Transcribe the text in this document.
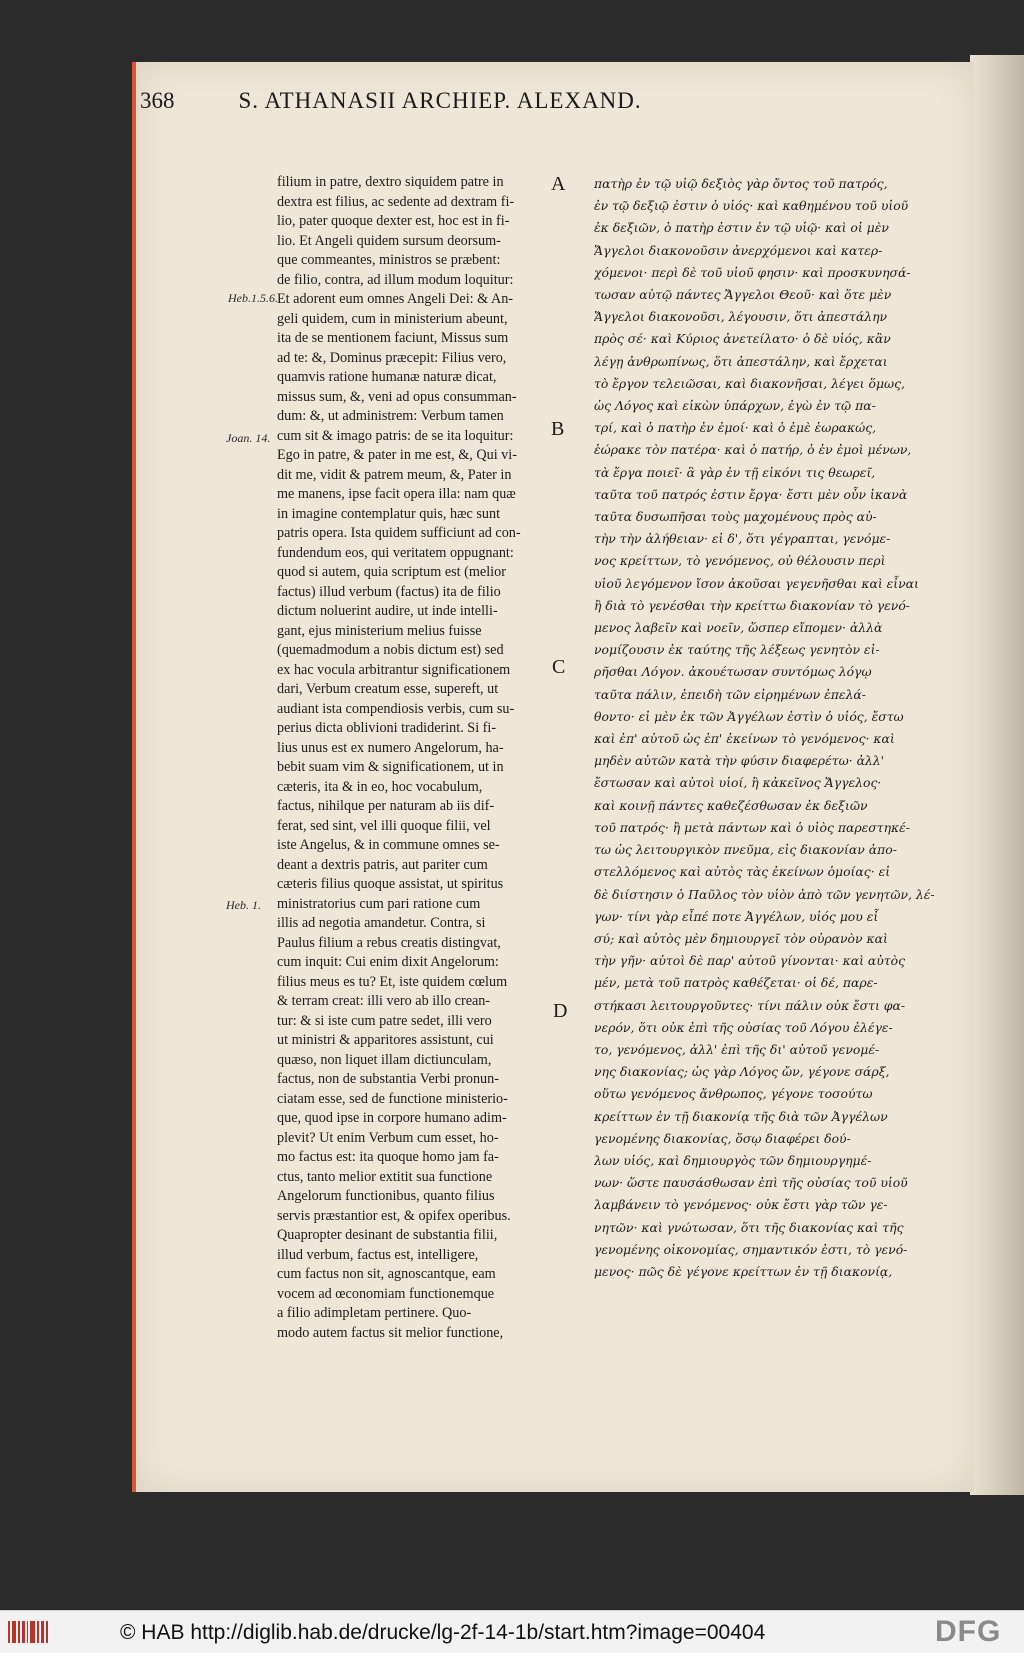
368	S. ATHANASII ARCHIEP. ALEXAND.
Heb.1.5.6.
Joan. 14.
Heb. 1.
A
B
C
D
filium in patre, dextro siquidem patre in
dextra est filius, ac sedente ad dextram fi-
lio, pater quoque dexter est, hoc est in fi-
lio. Et Angeli quidem sursum deorsum-
que commeantes, ministros se præbent:
de filio, contra, ad illum modum loquitur:
Et adorent eum omnes Angeli Dei: & An-
geli quidem, cum in ministerium abeunt,
ita de se mentionem faciunt, Missus sum
ad te: &, Dominus præcepit: Filius vero,
quamvis ratione humanæ naturæ dicat,
missus sum, &, veni ad opus consumman-
dum: &, ut administrem: Verbum tamen
cum sit & imago patris: de se ita loquitur:
Ego in patre, & pater in me est, &, Qui vi-
dit me, vidit & patrem meum, &, Pater in
me manens, ipse facit opera illa: nam quæ
in imagine contemplatur quis, hæc sunt
patris opera. Ista quidem sufficiunt ad con-
fundendum eos, qui veritatem oppugnant:
quod si autem, quia scriptum est (melior
factus) illud verbum (factus) ita de filio
dictum noluerint audire, ut inde intelli-
gant, ejus ministerium melius fuisse
(quemadmodum a nobis dictum est) sed
ex hac vocula arbitrantur significationem
dari, Verbum creatum esse, supereft, ut
audiant ista compendiosis verbis, cum su-
perius dicta oblivioni tradiderint. Si fi-
lius unus est ex numero Angelorum, ha-
bebit suam vim & significationem, ut in
cæteris, ita & in eo, hoc vocabulum,
factus, nihilque per naturam ab iis dif-
ferat, sed sint, vel illi quoque filii, vel
iste Angelus, & in commune omnes se-
deant a dextris patris, aut pariter cum
cæteris filius quoque assistat, ut spiritus
ministratorius cum pari ratione cum
illis ad negotia amandetur. Contra, si
Paulus filium a rebus creatis distingvat,
cum inquit: Cui enim dixit Angelorum:
filius meus es tu? Et, iste quidem cœlum
& terram creat: illi vero ab illo crean-
tur: & si iste cum patre sedet, illi vero
ut ministri & apparitores assistunt, cui
quæso, non liquet illam dictiunculam,
factus, non de substantia Verbi pronun-
ciatam esse, sed de functione ministerio-
que, quod ipse in corpore humano adim-
plevit? Ut enim Verbum cum esset, ho-
mo factus est: ita quoque homo jam fa-
ctus, tanto melior extitit sua functione
Angelorum functionibus, quanto filius
servis præstantior est, & opifex operibus.
Quapropter desinant de substantia filii,
illud verbum, factus est, intelligere,
cum factus non sit, agnoscantque, eam
vocem ad œconomiam functionemque
a filio adimpletam pertinere. Quo-
modo autem factus sit melior functione,
πατὴρ ἐν τῷ υἱῷ δεξιὸς γὰρ ὄντος τοῦ πατρός,
ἐν τῷ δεξιῷ ἐστιν ὁ υἱός· καὶ καθημένου τοῦ υἱοῦ
ἐκ δεξιῶν, ὁ πατὴρ ἐστιν ἐν τῷ υἱῷ· καὶ οἱ μὲν
Ἄγγελοι διακονοῦσιν ἀνερχόμενοι καὶ κατερ-
χόμενοι· περὶ δὲ τοῦ υἱοῦ φησιν· καὶ προσκυνησά-
τωσαν αὐτῷ πάντες Ἄγγελοι Θεοῦ· καὶ ὅτε μὲν
Ἄγγελοι διακονοῦσι, λέγουσιν, ὅτι ἀπεστάλην
πρὸς σέ· καὶ Κύριος ἀνετείλατο· ὁ δὲ υἱός, κἂν
λέγῃ ἀνθρωπίνως, ὅτι ἀπεστάλην, καὶ ἔρχεται
τὸ ἔργον τελειῶσαι, καὶ διακονῆσαι, λέγει ὅμως,
ὡς Λόγος καὶ εἰκὼν ὑπάρχων, ἐγὼ ἐν τῷ πα-
τρί, καὶ ὁ πατὴρ ἐν ἐμοί· καὶ ὁ ἐμὲ ἑωρακώς,
ἑώρακε τὸν πατέρα· καὶ ὁ πατήρ, ὁ ἐν ἐμοὶ μένων,
τὰ ἔργα ποιεῖ· ἃ γὰρ ἐν τῇ εἰκόνι τις θεωρεῖ,
ταῦτα τοῦ πατρός ἐστιν ἔργα· ἔστι μὲν οὖν ἱκανὰ
ταῦτα δυσωπῆσαι τοὺς μαχομένους πρὸς αὐ-
τὴν τὴν ἀλήθειαν· εἰ δ', ὅτι γέγραπται, γενόμε-
νος κρείττων, τὸ γενόμενος, οὐ θέλουσιν περὶ
υἱοῦ λεγόμενον ἴσον ἀκοῦσαι γεγενῆσθαι καὶ εἶναι
ἢ διὰ τὸ γενέσθαι τὴν κρείττω διακονίαν τὸ γενό-
μενος λαβεῖν καὶ νοεῖν, ὥσπερ εἴπομεν· ἀλλὰ
νομίζουσιν ἐκ ταύτης τῆς λέξεως γενητὸν εἰ-
ρῆσθαι Λόγον. ἀκουέτωσαν συντόμως λόγῳ
ταῦτα πάλιν, ἐπειδὴ τῶν εἰρημένων ἐπελά-
θοντο· εἰ μὲν ἐκ τῶν Ἀγγέλων ἐστὶν ὁ υἱός, ἔστω
καὶ ἐπ' αὐτοῦ ὡς ἐπ' ἐκείνων τὸ γενόμενος· καὶ
μηδὲν αὐτῶν κατὰ τὴν φύσιν διαφερέτω· ἀλλ'
ἔστωσαν καὶ αὐτοὶ υἱοί, ἢ κἀκεῖνος Ἄγγελος·
καὶ κοινῇ πάντες καθεζέσθωσαν ἐκ δεξιῶν
τοῦ πατρός· ἢ μετὰ πάντων καὶ ὁ υἱὸς παρεστηκέ-
τω ὡς λειτουργικὸν πνεῦμα, εἰς διακονίαν ἀπο-
στελλόμενος καὶ αὐτὸς τὰς ἐκείνων ὁμοίας· εἰ
δὲ διίστησιν ὁ Παῦλος τὸν υἱὸν ἀπὸ τῶν γενητῶν, λέ-
γων· τίνι γὰρ εἶπέ ποτε Ἀγγέλων, υἱός μου εἶ
σύ; καὶ αὐτὸς μὲν δημιουργεῖ τὸν οὐρανὸν καὶ
τὴν γῆν· αὐτοὶ δὲ παρ' αὐτοῦ γίνονται· καὶ αὐτὸς
μέν, μετὰ τοῦ πατρὸς καθέζεται· οἱ δέ, παρε-
στήκασι λειτουργοῦντες· τίνι πάλιν οὐκ ἔστι φα-
νερόν, ὅτι οὐκ ἐπὶ τῆς οὐσίας τοῦ Λόγου ἐλέγε-
το, γενόμενος, ἀλλ' ἐπὶ τῆς δι' αὐτοῦ γενομέ-
νης διακονίας; ὡς γὰρ Λόγος ὤν, γέγονε σάρξ,
οὕτω γενόμενος ἄνθρωπος, γέγονε τοσούτω
κρείττων ἐν τῇ διακονίᾳ τῆς διὰ τῶν Ἀγγέλων
γενομένης διακονίας, ὅσῳ διαφέρει δού-
λων υἱός, καὶ δημιουργὸς τῶν δημιουργημέ-
νων· ὥστε παυσάσθωσαν ἐπὶ τῆς οὐσίας τοῦ υἱοῦ
λαμβάνειν τὸ γενόμενος· οὐκ ἔστι γὰρ τῶν γε-
νητῶν· καὶ γνώτωσαν, ὅτι τῆς διακονίας καὶ τῆς
γενομένης οἰκονομίας, σημαντικόν ἐστι, τὸ γενό-
μενος· πῶς δὲ γέγονε κρείττων ἐν τῇ διακονίᾳ,
© HAB http://diglib.hab.de/drucke/lg-2f-14-1b/start.htm?image=00404	DFG
